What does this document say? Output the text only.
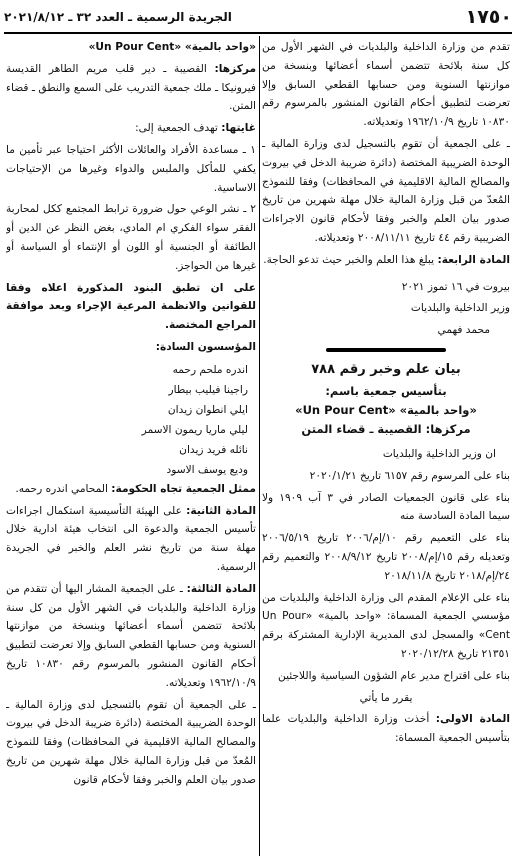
١٧٥٠
الجريدة الرسمية ـ العدد ٣٢ ـ ٢٠٢١/٨/١٢

تقدم من وزارة الداخلية والبلديات في الشهر الأول من كل سنة بلائحة تتضمن أسماء أعضائها وبنسخة من موازنتها السنوية ومن حسابها القطعي السابق وإلا تعرضت لتطبيق أحكام القانون المنشور بالمرسوم رقم ١٠٨٣٠ تاريخ ١٩٦٢/١٠/٩ وتعديلاته.

ـ على الجمعية أن تقوم بالتسجيل لدى وزارة المالية ـ الوحدة الضريبية المختصة (دائرة ضريبة الدخل في بيروت والمصالح المالية الاقليمية في المحافظات) وفقا للنموذج المُعدّ من قبل وزارة المالية خلال مهلة شهرين من تاريخ صدور بيان العلم والخبر وفقا لأحكام قانون الاجراءات الضريبية رقم ٤٤ تاريخ ٢٠٠٨/١١/١١ وتعديلاته.

المادة الرابعة: يبلغ هذا العلم والخبر حيث تدعو الحاجة.

بيروت في ١٦ تموز ٢٠٢١

وزير الداخلية والبلديات

محمد فهمي

بيان علم وخبر رقم ٧٨٨
بتأسيس جمعية باسم:
«واحد بالمية» «Un Pour Cent»
مركزها: القصيبة ـ قضاء المتن

ان وزير الداخلية والبلديات

بناء على المرسوم رقم ٦١٥٧ تاريخ ٢٠٢٠/١/٢١

بناء على قانون الجمعيات الصادر في ٣ آب ١٩٠٩ ولا سيما المادة السادسة منه

بناء على التعميم رقم ١٠/إم/٢٠٠٦ تاريخ ٢٠٠٦/٥/١٩ وتعديله رقم ١٥/إم/٢٠٠٨ تاريخ ٢٠٠٨/٩/١٢ والتعميم رقم ٢٤/إم/٢٠١٨ تاريخ ٢٠١٨/١١/٨

بناء على الإعلام المقدم الى وزارة الداخلية والبلديات من مؤسسي الجمعية المسماة: «واحد بالمية» «Un Pour Cent» والمسجل لدى المديرية الإدارية المشتركة برقم ٢١٣٥١ تاريخ ٢٠٢٠/١٢/٢٨

بناء على اقتراح مدير عام الشؤون السياسية واللاجئين

يقرر ما يأتي

المادة الاولى: أخذت وزارة الداخلية والبلديات علما بتأسيس الجمعية المسماة:

«واحد بالمية» «Un Pour Cent»

مركزها: القصيبة ـ دير قلب مريم الطاهر القديسة فيرونيكا ـ ملك جمعية التدريب على السمع والنطق ـ قضاء المتن.

غايتها: تهدف الجمعية إلى:

١ ـ مساعدة الأفراد والعائلات الأكثر احتياجا عبر تأمين ما يكفي للمأكل والملبس والدواء وغيرها من الإحتياجات الاساسية.

٢ ـ نشر الوعي حول ضرورة ترابط المجتمع ككل لمحاربة الفقر سواء الفكري ام المادي، بغض النظر عن الدين أو الطائفة أو الجنسية أو اللون أو الإنتماء أو السياسة أو غيرها من الحواجز.

على ان تطبق البنود المذكورة اعلاه وفقا للقوانين والانظمة المرعية الإجراء وبعد موافقة المراجع المختصة.

المؤسسون السادة:

اندره ملحم رحمه
راجينا فيليب بيطار
ايلي انطوان زيدان
ليلي ماريا ريمون الاسمر
نائله فريد زيدان
وديع يوسف الاسود

ممثل الجمعية تجاه الحكومة: المحامي اندره رحمه.

المادة الثانية: على الهيئة التأسيسية استكمال اجراءات تأسيس الجمعية والدعوة الى انتخاب هيئة ادارية خلال مهلة سنة من تاريخ نشر العلم والخبر في الجريدة الرسمية.

المادة الثالثة: ـ على الجمعية المشار اليها أن تتقدم من وزارة الداخلية والبلديات في الشهر الأول من كل سنة بلائحة تتضمن أسماء أعضائها وبنسخة من موازنتها السنوية ومن حسابها القطعي السابق وإلا تعرضت لتطبيق أحكام القانون المنشور بالمرسوم رقم ١٠٨٣٠ تاريخ ١٩٦٢/١٠/٩ وتعديلاته.

ـ على الجمعية أن تقوم بالتسجيل لدى وزارة المالية ـ الوحدة الضريبية المختصة (دائرة ضريبة الدخل في بيروت والمصالح المالية الاقليمية في المحافظات) وفقا للنموذج المُعدّ من قبل وزارة المالية خلال مهلة شهرين من تاريخ صدور بيان العلم والخبر وفقا لأحكام قانون
